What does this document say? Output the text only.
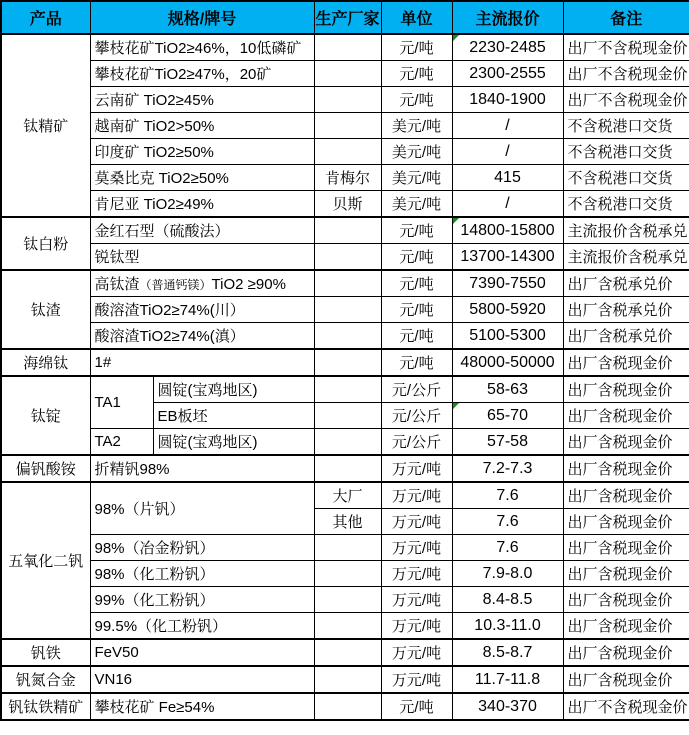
产品	规格/牌号		生产厂家	单位	主流报价	备注
钛精矿	攀枝花矿TiO2≥46%，10低磷矿			元/吨	2230-2485	出厂不含税现金价
	攀枝花矿TiO2≥47%，20矿			元/吨	2300-2555	出厂不含税现金价
	云南矿 TiO2≥45%			元/吨	1840-1900	出厂不含税现金价
	越南矿 TiO2>50%			美元/吨	/	不含税港口交货
	印度矿 TiO2≥50%			美元/吨	/	不含税港口交货
	莫桑比克 TiO2≥50%		肯梅尔	美元/吨	415	不含税港口交货
	肯尼亚 TiO2≥49%		贝斯	美元/吨	/	不含税港口交货
钛白粉	金红石型（硫酸法）			元/吨	14800-15800	主流报价含税承兑
	锐钛型			元/吨	13700-14300	主流报价含税承兑
钛渣	高钛渣（普通钙镁）TiO2 ≥90%			元/吨	7390-7550	出厂含税承兑价
	酸溶渣TiO2≥74%(川）			元/吨	5800-5920	出厂含税承兑价
	酸溶渣TiO2≥74%(滇）			元/吨	5100-5300	出厂含税承兑价
海绵钛	1#			元/吨	48000-50000	出厂含税现金价
钛锭	TA1	圆锭(宝鸡地区)		元/公斤	58-63	出厂含税现金价
		EB板坯		元/公斤	65-70	出厂含税现金价
	TA2	圆锭(宝鸡地区)		元/公斤	57-58	出厂含税现金价
偏钒酸铵	折精钒98%			万元/吨	7.2-7.3	出厂含税现金价
五氧化二钒	98%（片钒）		大厂	万元/吨	7.6	出厂含税现金价
			其他	万元/吨	7.6	出厂含税现金价
	98%（冶金粉钒）			万元/吨	7.6	出厂含税现金价
	98%（化工粉钒）			万元/吨	7.9-8.0	出厂含税现金价
	99%（化工粉钒）			万元/吨	8.4-8.5	出厂含税现金价
	99.5%（化工粉钒）			万元/吨	10.3-11.0	出厂含税现金价
钒铁	FeV50			万元/吨	8.5-8.7	出厂含税现金价
钒氮合金	VN16			万元/吨	11.7-11.8	出厂含税现金价
钒钛铁精矿	攀枝花矿 Fe≥54%			元/吨	340-370	出厂不含税现金价
